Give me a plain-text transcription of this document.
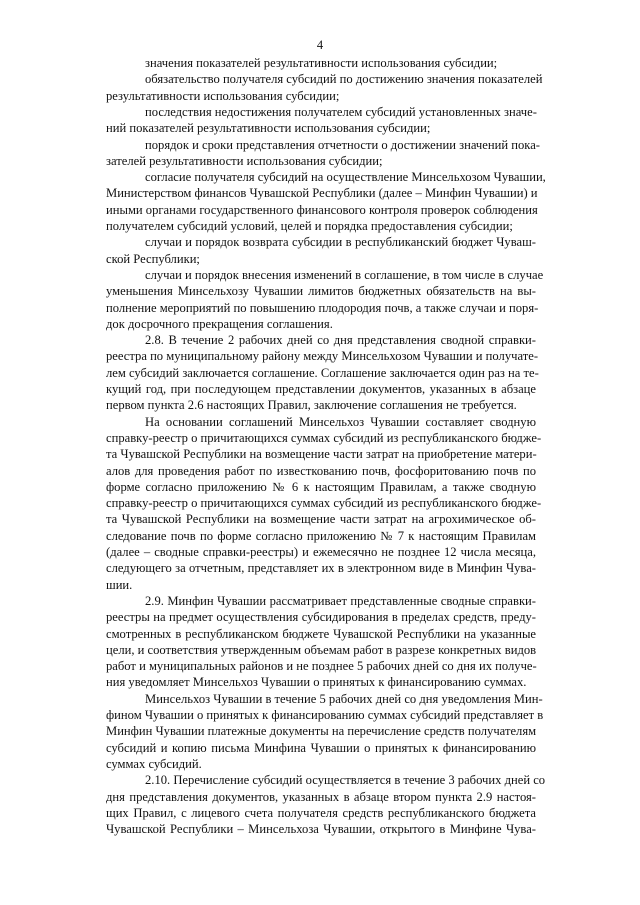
4
значения показателей результативности использования субсидии;
обязательство получателя субсидий по достижению значения показателей
результативности использования субсидии;
последствия недостижения получателем субсидий установленных значе-
ний показателей результативности использования субсидии;
порядок и сроки представления отчетности о достижении значений пока-
зателей результативности использования субсидии;
согласие получателя субсидий на осуществление Минсельхозом Чувашии,
Министерством финансов Чувашской Республики (далее – Минфин Чувашии) и
иными органами государственного финансового контроля проверок соблюдения
получателем субсидий условий, целей и порядка предоставления субсидии;
случаи и порядок возврата субсидии в республиканский бюджет Чуваш-
ской Республики;
случаи и порядок внесения изменений в соглашение, в том числе в случае
уменьшения Минсельхозу Чувашии лимитов бюджетных обязательств на вы-
полнение мероприятий по повышению плодородия почв, а также случаи и поря-
док досрочного прекращения соглашения.
2.8. В течение 2 рабочих дней со дня представления сводной справки-
реестра по муниципальному району между Минсельхозом Чувашии и получате-
лем субсидий заключается соглашение. Соглашение заключается один раз на те-
кущий год, при последующем представлении документов, указанных в абзаце
первом пункта 2.6 настоящих Правил, заключение соглашения не требуется.
На основании соглашений Минсельхоз Чувашии составляет сводную
справку-реестр о причитающихся суммах субсидий из республиканского бюдже-
та Чувашской Республики на возмещение части затрат на приобретение матери-
алов для проведения работ по известкованию почв, фосфоритованию почв по
форме согласно приложению № 6 к настоящим Правилам, а также сводную
справку-реестр о причитающихся суммах субсидий из республиканского бюдже-
та Чувашской Республики на возмещение части затрат на агрохимическое об-
следование почв по форме согласно приложению № 7 к настоящим Правилам
(далее – сводные справки-реестры) и ежемесячно не позднее 12 числа месяца,
следующего за отчетным, представляет их в электронном виде в Минфин Чува-
шии.
2.9. Минфин Чувашии рассматривает представленные сводные справки-
реестры на предмет осуществления субсидирования в пределах средств, преду-
смотренных в республиканском бюджете Чувашской Республики на указанные
цели, и соответствия утвержденным объемам работ в разрезе конкретных видов
работ и муниципальных районов и не позднее 5 рабочих дней со дня их получе-
ния уведомляет Минсельхоз Чувашии о принятых к финансированию суммах.
Минсельхоз Чувашии в течение 5 рабочих дней со дня уведомления Мин-
фином Чувашии о принятых к финансированию суммах субсидий представляет в
Минфин Чувашии платежные документы на перечисление средств получателям
субсидий и копию письма Минфина Чувашии о принятых к финансированию
суммах субсидий.
2.10. Перечисление субсидий осуществляется в течение 3 рабочих дней со
дня представления документов, указанных в абзаце втором пункта 2.9 настоя-
щих Правил, с лицевого счета получателя средств республиканского бюджета
Чувашской Республики – Минсельхоза Чувашии, открытого в Минфине Чува-
